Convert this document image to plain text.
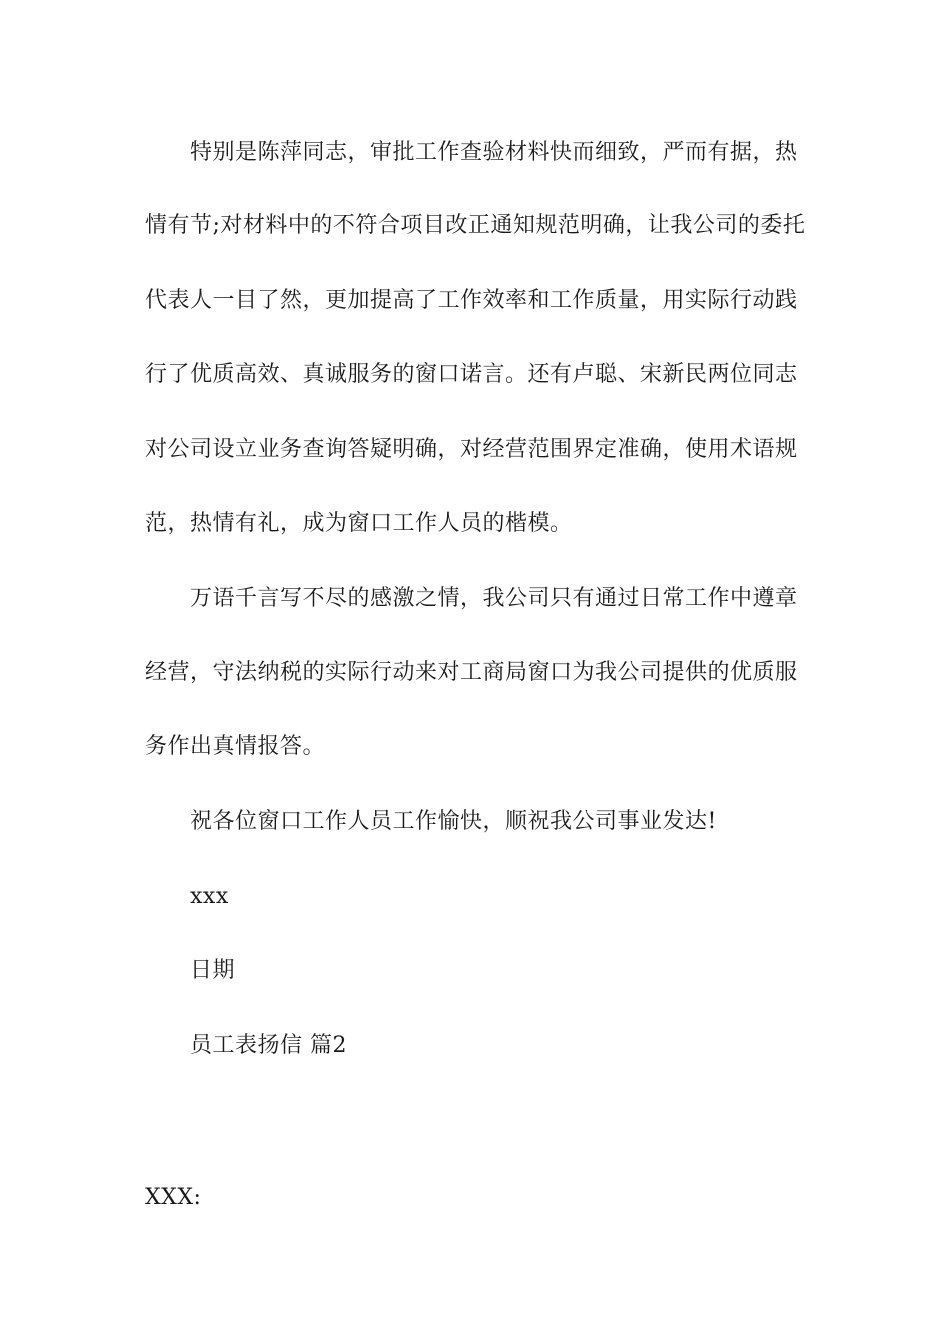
特别是陈萍同志，审批工作查验材料快而细致，严而有据，热
情有节;对材料中的不符合项目改正通知规范明确，让我公司的委托
代表人一目了然，更加提高了工作效率和工作质量，用实际行动践
行了优质高效、真诚服务的窗口诺言。还有卢聪、宋新民两位同志
对公司设立业务查询答疑明确，对经营范围界定准确，使用术语规
范，热情有礼，成为窗口工作人员的楷模。
万语千言写不尽的感激之情，我公司只有通过日常工作中遵章
经营，守法纳税的实际行动来对工商局窗口为我公司提供的优质服
务作出真情报答。
祝各位窗口工作人员工作愉快，顺祝我公司事业发达!
xxx
日期
员工表扬信 篇2
XXX:
